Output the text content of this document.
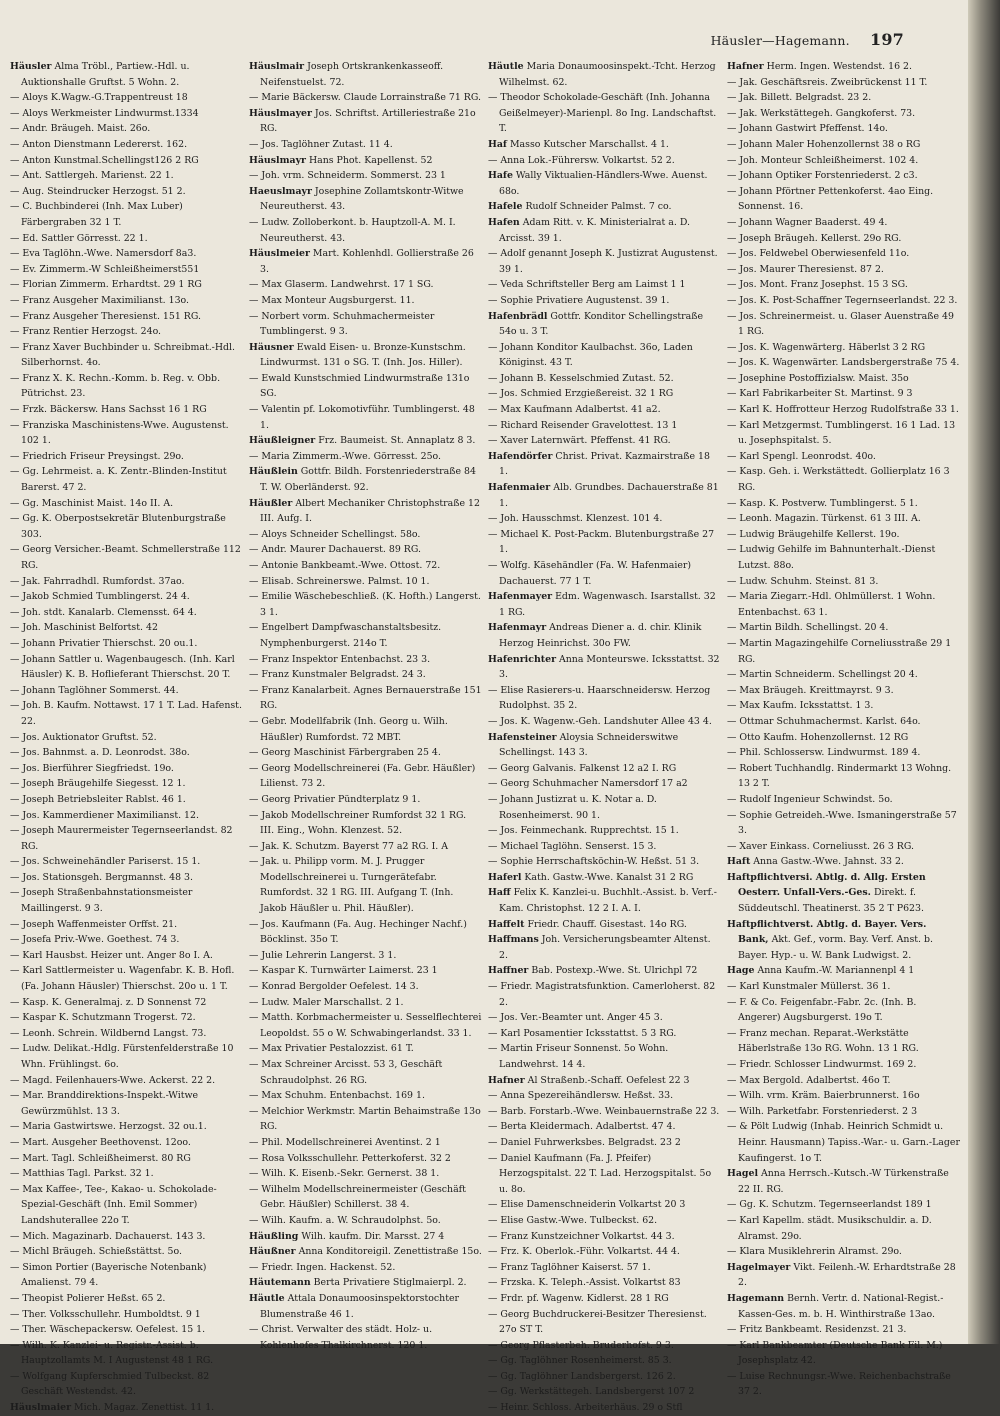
Häusler—Hagemann. 197
Häusler Alma Tröbl., Partiew.-Hdl. u. Auktionshalle Gruftst. 5 Wohn. 2.
— Aloys K.Wagw.-G.Trappentreust 18
— Aloys Werkmeister Lindwurmst.1334
— Andr. Bräugeh. Maist. 26o.
— Anton Dienstmann Ledererst. 162.
— Anton Kunstmal.Schellingst126 2 RG
— Ant. Sattlergeh. Marienst. 22 1.
— Aug. Steindrucker Herzogst. 51 2.
— C. Buchbinderei (Inh. Max Luber) Färbergraben 32 1 T.
— Ed. Sattler Görresst. 22 1.
— Eva Taglöhn.-Wwe. Namersdorf 8a3.
— Ev. Zimmerm.-W Schleißheimerst551
— Florian Zimmerm. Erhardtst. 29 1 RG
— Franz Ausgeher Maximilianst. 13o.
— Franz Ausgeher Theresienst. 151 RG.
— Franz Rentier Herzogst. 24o.
— Franz Xaver Buchbinder u. Schreibmat.-Hdl. Silberhornst. 4o.
— Franz X. K. Rechn.-Komm. b. Reg. v. Obb. Pütrichst. 23.
— Frzk. Bäckersw. Hans Sachsst 16 1 RG
— Franziska Maschinistens-Wwe. Augustenst. 102 1.
— Friedrich Friseur Preysingst. 29o.
— Gg. Lehrmeist. a. K. Zentr.-Blinden-Institut Barerst. 47 2.
— Gg. Maschinist Maist. 14o II. A.
— Gg. K. Oberpostsekretär Blutenburgstraße 303.
— Georg Versicher.-Beamt. Schmellerstraße 112 RG.
— Jak. Fahrradhdl. Rumfordst. 37ao.
— Jakob Schmied Tumblingerst. 24 4.
— Joh. stdt. Kanalarb. Clemensst. 64 4.
— Joh. Maschinist Belfortst. 42
— Johann Privatier Thierschst. 20 ou.1.
— Johann Sattler u. Wagenbaugesch. (Inh. Karl Häusler) K. B. Hoflieferant Thierschst. 20 T.
— Johann Taglöhner Sommerst. 44.
— Joh. B. Kaufm. Nottawst. 17 1 T. Lad. Hafenst. 22.
— Jos. Auktionator Gruftst. 52.
— Jos. Bahnmst. a. D. Leonrodst. 38o.
— Jos. Bierführer Siegfriedst. 19o.
— Joseph Bräugehilfe Siegesst. 12 1.
— Joseph Betriebsleiter Rablst. 46 1.
— Jos. Kammerdiener Maximilianst. 12.
— Joseph Maurermeister Tegernseerlandst. 82 RG.
— Jos. Schweinehändler Pariserst. 15 1.
— Jos. Stationsgeh. Bergmannst. 48 3.
— Joseph Straßenbahnstationsmeister Maillingerst. 9 3.
— Joseph Waffenmeister Orffst. 21.
— Josefa Priv.-Wwe. Goethest. 74 3.
— Karl Hausbst. Heizer unt. Anger 8o I. A.
— Karl Sattlermeister u. Wagenfabr. K. B. Hofl. (Fa. Johann Häusler) Thierschst. 20o u. 1 T.
— Kasp. K. Generalmaj. z. D Sonnenst 72
— Kaspar K. Schutzmann Trogerst. 72.
— Leonh. Schrein. Wildbernd Langst. 73.
— Ludw. Delikat.-Hdlg. Fürstenfelderstraße 10 Whn. Frühlingst. 6o.
— Magd. Feilenhauers-Wwe. Ackerst. 22 2.
— Mar. Branddirektions-Inspekt.-Witwe Gewürzmühlst. 13 3.
— Maria Gastwirtswe. Herzogst. 32 ou.1.
— Mart. Ausgeher Beethovenst. 12oo.
— Mart. Tagl. Schleißheimerst. 80 RG
— Matthias Tagl. Parkst. 32 1.
— Max Kaffee-, Tee-, Kakao- u. Schokolade-Spezial-Geschäft (Inh. Emil Sommer) Landshuterallee 22o T.
— Mich. Magazinarb. Dachauerst. 143 3.
— Michl Bräugeh. Schießstättst. 5o.
— Simon Portier (Bayerische Notenbank) Amalienst. 79 4.
— Theopist Polierer Heßst. 65 2.
— Ther. Volksschullehr. Humboldtst. 9 1
— Ther. Wäschepackersw. Oefelest. 15 1.
— Wilh. K. Kanzlei- u. Registr.-Assist. b. Hauptzollamts M. I Augustenst 48 1 RG.
— Wolfgang Kupferschmied Tulbeckst. 82 Geschäft Westendst. 42.
Häuslmaier Mich. Magaz. Zenettist. 11 1.
Häuslmair Joseph Ortskrankenkasseoff. Neifenstuelst. 72.
— Marie Bäckersw. Claude Lorrainstraße 71 RG.
Häuslmayer Jos. Schriftst. Artilleriestraße 21o RG.
— Jos. Taglöhner Zutast. 11 4.
Häuslmayr Hans Phot. Kapellenst. 52
— Joh. vrm. Schneiderm. Sommerst. 23 1
Haeuslmayr Josephine Zollamtskontr-Witwe Neureutherst. 43.
— Ludw. Zolloberkont. b. Hauptzoll-A. M. I. Neureutherst. 43.
Häuslmeier Mart. Kohlenhdl. Gollierstraße 26 3.
— Max Glaserm. Landwehrst. 17 1 SG.
— Max Monteur Augsburgerst. 11.
— Norbert vorm. Schuhmachermeister Tumblingerst. 9 3.
Häusner Ewald Eisen- u. Bronze-Kunstschm. Lindwurmst. 131 o SG. T. (Inh. Jos. Hiller).
— Ewald Kunstschmied Lindwurmstraße 131o SG.
— Valentin pf. Lokomotivführ. Tumblingerst. 48 1.
Häußleigner Frz. Baumeist. St. Annaplatz 8 3.
— Maria Zimmerm.-Wwe. Görresst. 25o.
Häußlein Gottfr. Bildh. Forstenriederstraße 84 T. W. Oberländerst. 92.
Häußler Albert Mechaniker Christophstraße 12 III. Aufg. I.
— Aloys Schneider Schellingst. 58o.
— Andr. Maurer Dachauerst. 89 RG.
— Antonie Bankbeamt.-Wwe. Ottost. 72.
— Elisab. Schreinerswe. Palmst. 10 1.
— Emilie Wäschebeschließ. (K. Hofth.) Langerst. 3 1.
— Engelbert Dampfwaschanstaltsbesitz. Nymphenburgerst. 214o T.
— Franz Inspektor Entenbachst. 23 3.
— Franz Kunstmaler Belgradst. 24 3.
— Franz Kanalarbeit. Agnes Bernauerstraße 151 RG.
— Gebr. Modellfabrik (Inh. Georg u. Wilh. Häußler) Rumfordst. 72 MBT.
— Georg Maschinist Färbergraben 25 4.
— Georg Modellschreinerei (Fa. Gebr. Häußler) Lilienst. 73 2.
— Georg Privatier Pündterplatz 9 1.
— Jakob Modellschreiner Rumfordst 32 1 RG. III. Eing., Wohn. Klenzest. 52.
— Jak. K. Schutzm. Bayerst 77 a2 RG. I. A
— Jak. u. Philipp vorm. M. J. Prugger Modellschreinerei u. Turngerätefabr. Rumfordst. 32 1 RG. III. Aufgang T. (Inh. Jakob Häußler u. Phil. Häußler).
— Jos. Kaufmann (Fa. Aug. Hechinger Nachf.) Böcklinst. 35o T.
— Julie Lehrerin Langerst. 3 1.
— Kaspar K. Turnwärter Laimerst. 23 1
— Konrad Bergolder Oefelest. 14 3.
— Ludw. Maler Marschallst. 2 1.
— Matth. Korbmachermeister u. Sesselflechterei Leopoldst. 55 o W. Schwabingerlandst. 33 1.
— Max Privatier Pestalozzist. 61 T.
— Max Schreiner Arcisst. 53 3, Geschäft Schraudolphst. 26 RG.
— Max Schuhm. Entenbachst. 169 1.
— Melchior Werkmstr. Martin Behaimstraße 13o RG.
— Phil. Modellschreinerei Aventinst. 2 1
— Rosa Volksschullehr. Petterkoferst. 32 2
— Wilh. K. Eisenb.-Sekr. Gernerst. 38 1.
— Wilhelm Modellschreinermeister (Geschäft Gebr. Häußler) Schillerst. 38 4.
— Wilh. Kaufm. a. W. Schraudolphst. 5o.
Häußling Wilh. kaufm. Dir. Marsst. 27 4
Häußner Anna Konditoreigil. Zenettistraße 15o.
— Friedr. Ingen. Hackenst. 52.
Häutemann Berta Privatiere Stiglmaierpl. 2.
Häutle Attala Donaumoosinspektorstochter Blumenstraße 46 1.
— Christ. Verwalter des städt. Holz- u. Kohlenhofes Thalkirchnerst. 120 1.
Häutle Maria Donaumoosinspekt.-Tcht. Herzog Wilhelmst. 62.
— Theodor Schokolade-Geschäft (Inh. Johanna Geißelmeyer)-Marienpl. 8o Ing. Landschaftst. T.
Haf Masso Kutscher Marschallst. 4 1.
— Anna Lok.-Führersw. Volkartst. 52 2.
Hafe Wally Viktualien-Händlers-Wwe. Auenst. 68o.
Hafele Rudolf Schneider Palmst. 7 co.
Hafen Adam Ritt. v. K. Ministerialrat a. D. Arcisst. 39 1.
— Adolf genannt Joseph K. Justizrat Augustenst. 39 1.
— Veda Schriftsteller Berg am Laimst 1 1
— Sophie Privatiere Augustenst. 39 1.
Hafenbrädl Gottfr. Konditor Schellingstraße 54o u. 3 T.
— Johann Konditor Kaulbachst. 36o, Laden Königinst. 43 T.
— Johann B. Kesselschmied Zutast. 52.
— Jos. Schmied Erzgießereist. 32 1 RG
— Max Kaufmann Adalbertst. 41 a2.
— Richard Reisender Gravelottest. 13 1
— Xaver Laternwärt. Pfeffenst. 41 RG.
Hafendörfer Christ. Privat. Kazmairstraße 18 1.
Hafenmaier Alb. Grundbes. Dachauerstraße 81 1.
— Joh. Hausschmst. Klenzest. 101 4.
— Michael K. Post-Packm. Blutenburgstraße 27 1.
— Wolfg. Käsehändler (Fa. W. Hafenmaier) Dachauerst. 77 1 T.
Hafenmayer Edm. Wagenwasch. Isarstallst. 32 1 RG.
Hafenmayr Andreas Diener a. d. chir. Klinik Herzog Heinrichst. 30o FW.
Hafenrichter Anna Monteurswe. Icksstattst. 32 3.
— Elise Rasierers-u. Haarschneidersw. Herzog Rudolphst. 35 2.
— Jos. K. Wagenw.-Geh. Landshuter Allee 43 4.
Hafensteiner Aloysia Schneiderswitwe Schellingst. 143 3.
— Georg Galvanis. Falkenst 12 a2 I. RG
— Georg Schuhmacher Namersdorf 17 a2
— Johann Justizrat u. K. Notar a. D. Rosenheimerst. 90 1.
— Jos. Feinmechank. Rupprechtst. 15 1.
— Michael Taglöhn. Senserst. 15 3.
— Sophie Herrschaftsköchin-W. Heßst. 51 3.
Haferl Kath. Gastw.-Wwe. Kanalst 31 2 RG
Haff Felix K. Kanzlei-u. Buchhlt.-Assist. b. Verf.-Kam. Christophst. 12 2 I. A. I.
Haffelt Friedr. Chauff. Gisestast. 14o RG.
Haffmans Joh. Versicherungsbeamter Altenst. 2.
Haffner Bab. Postexp.-Wwe. St. Ulrichpl 72
— Friedr. Magistratsfunktion. Camerloherst. 82 2.
— Jos. Ver.-Beamter unt. Anger 45 3.
— Karl Posamentier Icksstattst. 5 3 RG.
— Martin Friseur Sonnenst. 5o Wohn. Landwehrst. 14 4.
Hafner Al Straßenb.-Schaff. Oefelest 22 3
— Anna Spezereihändlersw. Heßst. 33.
— Barb. Forstarb.-Wwe. Weinbauernstraße 22 3.
— Berta Kleidermach. Adalbertst. 47 4.
— Daniel Fuhrwerksbes. Belgradst. 23 2
— Daniel Kaufmann (Fa. J. Pfeifer) Herzogspitalst. 22 T. Lad. Herzogspitalst. 5o u. 8o.
— Elise Damenschneiderin Volkartst 20 3
— Elise Gastw.-Wwe. Tulbeckst. 62.
— Franz Kunstzeichner Volkartst. 44 3.
— Frz. K. Oberlok.-Führ. Volkartst. 44 4.
— Franz Taglöhner Kaiserst. 57 1.
— Frzska. K. Teleph.-Assist. Volkartst 83
— Frdr. pf. Wagenw. Kidlerst. 28 1 RG
— Georg Buchdruckerei-Besitzer Theresienst. 27o ST T.
— Georg Pflasterbeh. Bruderhofst. 9 3.
— Gg. Taglöhner Rosenheimerst. 85 3.
— Gg. Taglöhner Landsbergerst. 126 2.
— Gg. Werkstättegeh. Landsbergerst 107 2
— Heinr. Schloss. Arbeiterhäus. 29 o Stfl
Hafner Herm. Ingen. Westendst. 16 2.
— Jak. Geschäftsreis. Zweibrückenst 11 T.
— Jak. Billett. Belgradst. 23 2.
— Jak. Werkstättegeh. Gangkoferst. 73.
— Johann Gastwirt Pfeffenst. 14o.
— Johann Maler Hohenzollernst 38 o RG
— Joh. Monteur Schleißheimerst. 102 4.
— Johann Optiker Forstenriederst. 2 c3.
— Johann Pförtner Pettenkoferst. 4ao Eing. Sonnenst. 16.
— Johann Wagner Baaderst. 49 4.
— Joseph Bräugeh. Kellerst. 29o RG.
— Jos. Feldwebel Oberwiesenfeld 11o.
— Jos. Maurer Theresienst. 87 2.
— Jos. Mont. Franz Josephst. 15 3 SG.
— Jos. K. Post-Schaffner Tegernseerlandst. 22 3.
— Jos. Schreinermeist. u. Glaser Auenstraße 49 1 RG.
— Jos. K. Wagenwärterg. Häberlst 3 2 RG
— Jos. K. Wagenwärter. Landsbergerstraße 75 4.
— Josephine Postoffizialsw. Maist. 35o
— Karl Fabrikarbeiter St. Martinst. 9 3
— Karl K. Hoffrotteur Herzog Rudolfstraße 33 1.
— Karl Metzgermst. Tumblingerst. 16 1 Lad. 13 u. Josephspitalst. 5.
— Karl Spengl. Leonrodst. 40o.
— Kasp. Geh. i. Werkstättedt. Gollierplatz 16 3 RG.
— Kasp. K. Postverw. Tumblingerst. 5 1.
— Leonh. Magazin. Türkenst. 61 3 III. A.
— Ludwig Bräugehilfe Kellerst. 19o.
— Ludwig Gehilfe im Bahnunterhalt.-Dienst Lutzst. 88o.
— Ludw. Schuhm. Steinst. 81 3.
— Maria Ziegarr.-Hdl. Ohlmüllerst. 1 Wohn. Entenbachst. 63 1.
— Martin Bildh. Schellingst. 20 4.
— Martin Magazingehilfe Corneliusstraße 29 1 RG.
— Martin Schneiderm. Schellingst 20 4.
— Max Bräugeh. Kreittmayrst. 9 3.
— Max Kaufm. Icksstattst. 1 3.
— Ottmar Schuhmachermst. Karlst. 64o.
— Otto Kaufm. Hohenzollernst. 12 RG
— Phil. Schlossersw. Lindwurmst. 189 4.
— Robert Tuchhandlg. Rindermarkt 13 Wohng. 13 2 T.
— Rudolf Ingenieur Schwindst. 5o.
— Sophie Getreideh.-Wwe. Ismaningerstraße 57 3.
— Xaver Einkass. Corneliusst. 26 3 RG.
Haft Anna Gastw.-Wwe. Jahnst. 33 2.
Haftpflichtversi. Abtlg. d. Allg. Ersten Oesterr. Unfall-Vers.-Ges. Direkt. f. Süddeutschl. Theatinerst. 35 2 T P623.
Haftpflichtverst. Abtlg. d. Bayer. Vers. Bank, Akt. Gef., vorm. Bay. Verf. Anst. b. Bayer. Hyp.- u. W. Bank Ludwigst. 2.
Hage Anna Kaufm.-W. Mariannenpl 4 1
— Karl Kunstmaler Müllerst. 36 1.
— F. & Co. Feigenfabr.-Fabr. 2c. (Inh. B. Angerer) Augsburgerst. 19o T.
— Franz mechan. Reparat.-Werkstätte Häberlstraße 13o RG. Wohn. 13 1 RG.
— Friedr. Schlosser Lindwurmst. 169 2.
— Max Bergold. Adalbertst. 46o T.
— Wilh. vrm. Kräm. Baierbrunnerst. 16o
— Wilh. Parketfabr. Forstenriederst. 2 3
— & Pölt Ludwig (Inhab. Heinrich Schmidt u. Heinr. Hausmann) Tapiss.-War.- u. Garn.-Lager Kaufingerst. 1o T.
Hagel Anna Herrsch.-Kutsch.-W Türkenstraße 22 II. RG.
— Gg. K. Schutzm. Tegernseerlandst 189 1
— Karl Kapellm. städt. Musikschuldir. a. D. Alramst. 29o.
— Klara Musiklehrerin Alramst. 29o.
Hagelmayer Vikt. Feilenh.-W. Erhardtstraße 28 2.
Hagemann Bernh. Vertr. d. National-Regist.-Kassen-Ges. m. b. H. Winthirstraße 13ao.
— Fritz Bankbeamt. Residenzst. 21 3.
— Karl Bankbeamter (Deutsche Bank Fil. M.) Josephsplatz 42.
— Luise Rechnungsr.-Wwe. Reichenbachstraße 37 2.
